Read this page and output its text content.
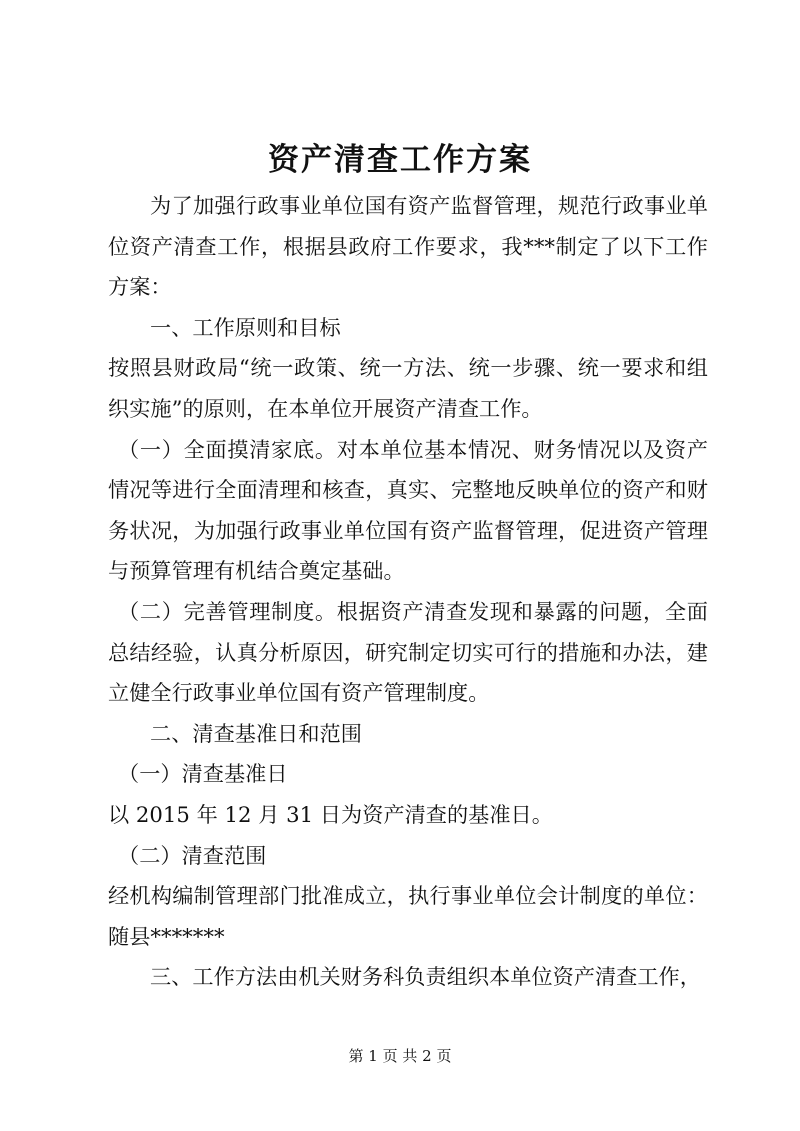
资产清查工作方案

为了加强行政事业单位国有资产监督管理，规范行政事业单位资产清查工作，根据县政府工作要求，我***制定了以下工作方案：

一、工作原则和目标

按照县财政局“统一政策、统一方法、统一步骤、统一要求和组织实施”的原则，在本单位开展资产清查工作。

（一）全面摸清家底。对本单位基本情况、财务情况以及资产情况等进行全面清理和核查，真实、完整地反映单位的资产和财务状况，为加强行政事业单位国有资产监督管理，促进资产管理与预算管理有机结合奠定基础。

（二）完善管理制度。根据资产清查发现和暴露的问题，全面总结经验，认真分析原因，研究制定切实可行的措施和办法，建立健全行政事业单位国有资产管理制度。

二、清查基准日和范围

（一）清查基准日

以 2015 年 12 月 31 日为资产清查的基准日。

（二）清查范围

经机构编制管理部门批准成立，执行事业单位会计制度的单位：随县*******

三、工作方法由机关财务科负责组织本单位资产清查工作，

第 1 页 共 2 页
